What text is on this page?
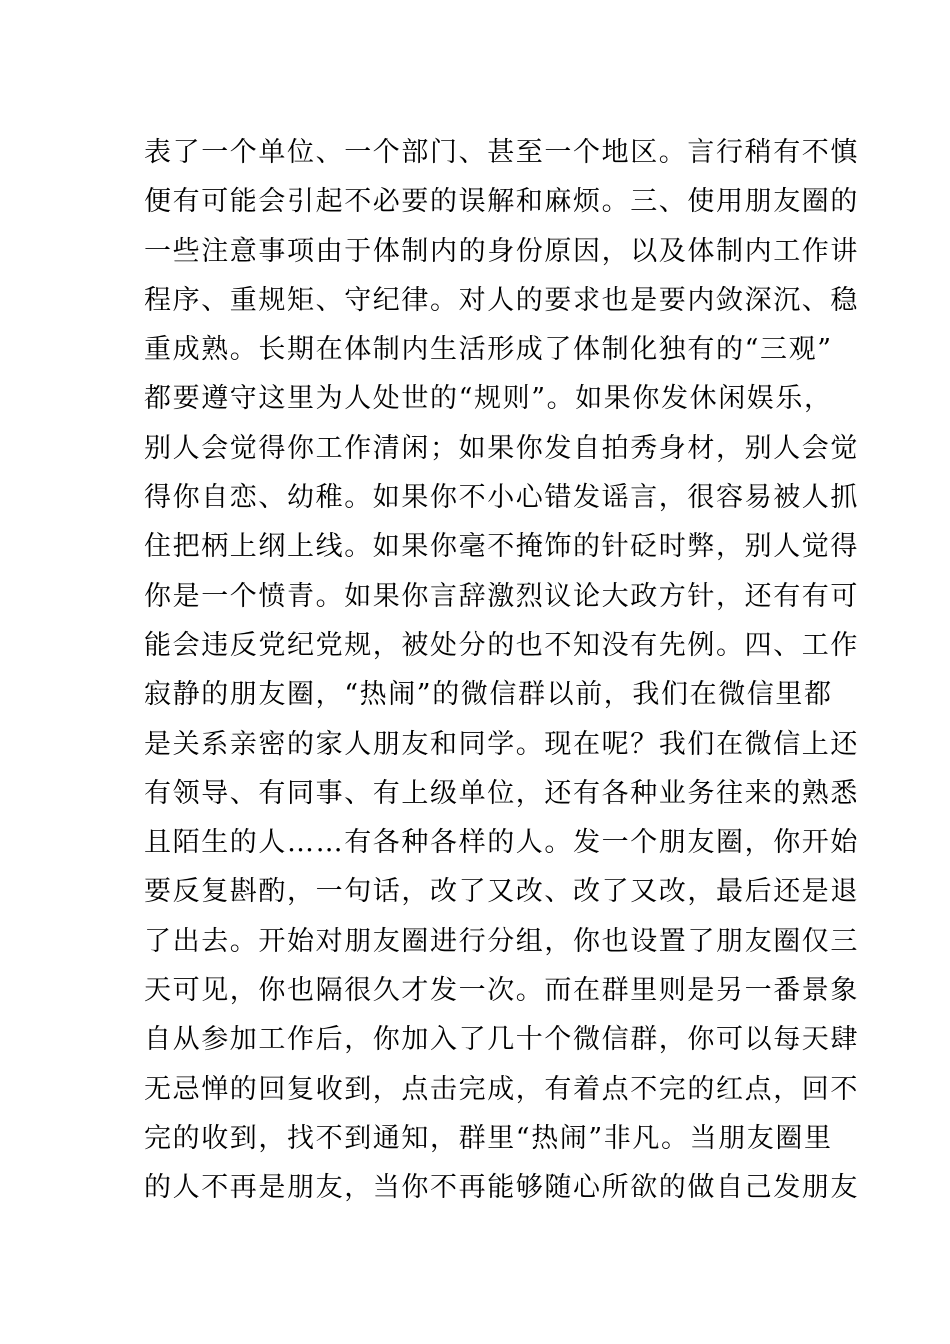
表了一个单位、一个部门、甚至一个地区。言行稍有不慎
便有可能会引起不必要的误解和麻烦。三、使用朋友圈的
一些注意事项由于体制内的身份原因，以及体制内工作讲
程序、重规矩、守纪律。对人的要求也是要内敛深沉、稳
重成熟。长期在体制内生活形成了体制化独有的“三观”
都要遵守这里为人处世的“规则”。如果你发休闲娱乐，
别人会觉得你工作清闲；如果你发自拍秀身材，别人会觉
得你自恋、幼稚。如果你不小心错发谣言，很容易被人抓
住把柄上纲上线。如果你毫不掩饰的针砭时弊，别人觉得
你是一个愤青。如果你言辞激烈议论大政方针，还有有可
能会违反党纪党规，被处分的也不知没有先例。四、工作
寂静的朋友圈，“热闹”的微信群以前，我们在微信里都
是关系亲密的家人朋友和同学。现在呢？我们在微信上还
有领导、有同事、有上级单位，还有各种业务往来的熟悉
且陌生的人……有各种各样的人。发一个朋友圈，你开始
要反复斟酌，一句话，改了又改、改了又改，最后还是退
了出去。开始对朋友圈进行分组，你也设置了朋友圈仅三
天可见，你也隔很久才发一次。而在群里则是另一番景象
自从参加工作后，你加入了几十个微信群，你可以每天肆
无忌惮的回复收到，点击完成，有着点不完的红点，回不
完的收到，找不到通知，群里“热闹”非凡。当朋友圈里
的人不再是朋友，当你不再能够随心所欲的做自己发朋友
